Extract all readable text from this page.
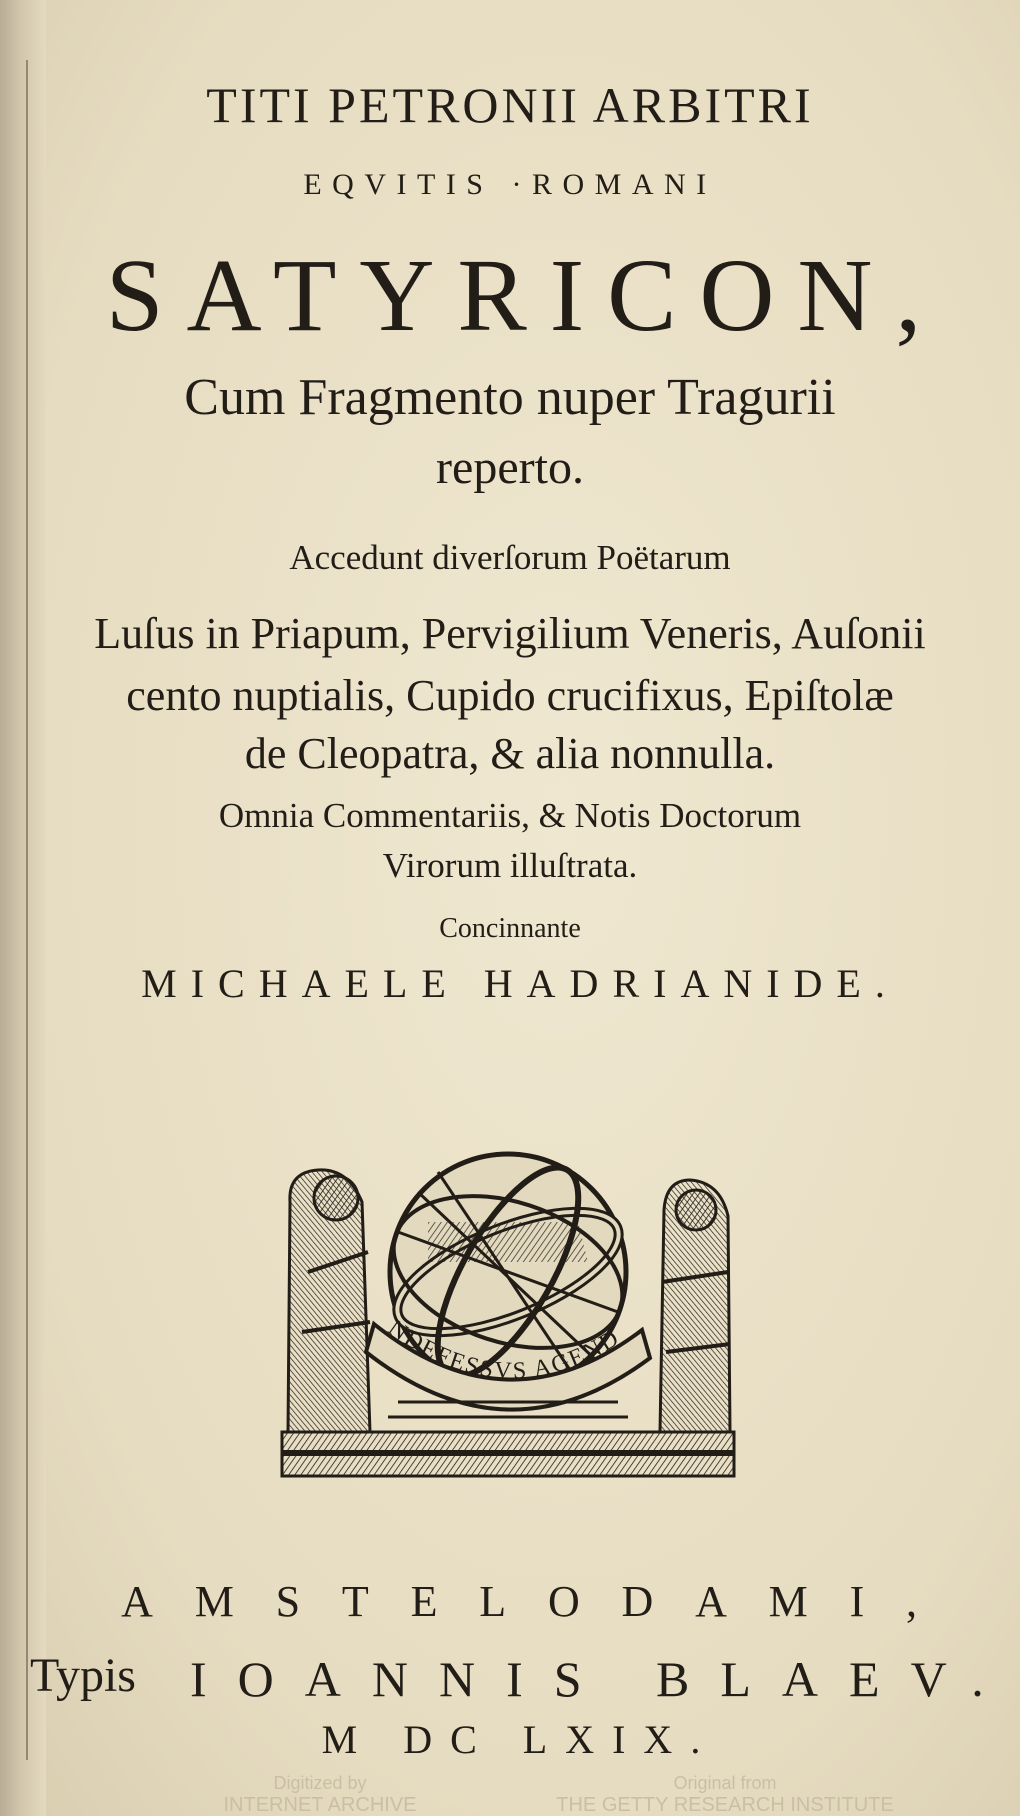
TITI PETRONII ARBITRI
EQVITIS ·ROMANI
SATYRICON,
Cum Fragmento nuper Tragurii
reperto.
Accedunt diverſorum Poëtarum
Luſus in Priapum, Pervigilium Veneris, Auſonii
cento nuptialis, Cupido crucifixus, Epiſtolæ
de Cleopatra, & alia nonnulla.
Omnia Commentariis, & Notis Doctorum
Virorum illuſtrata.
Concinnante
MICHAELE HADRIANIDE.
NDEFESSVS AGEND
AMSTELODAMI,
Typis IOANNIS BLAEV.
M DC LXIX.
Digitized by
INTERNET ARCHIVE
Original from
THE GETTY RESEARCH INSTITUTE
